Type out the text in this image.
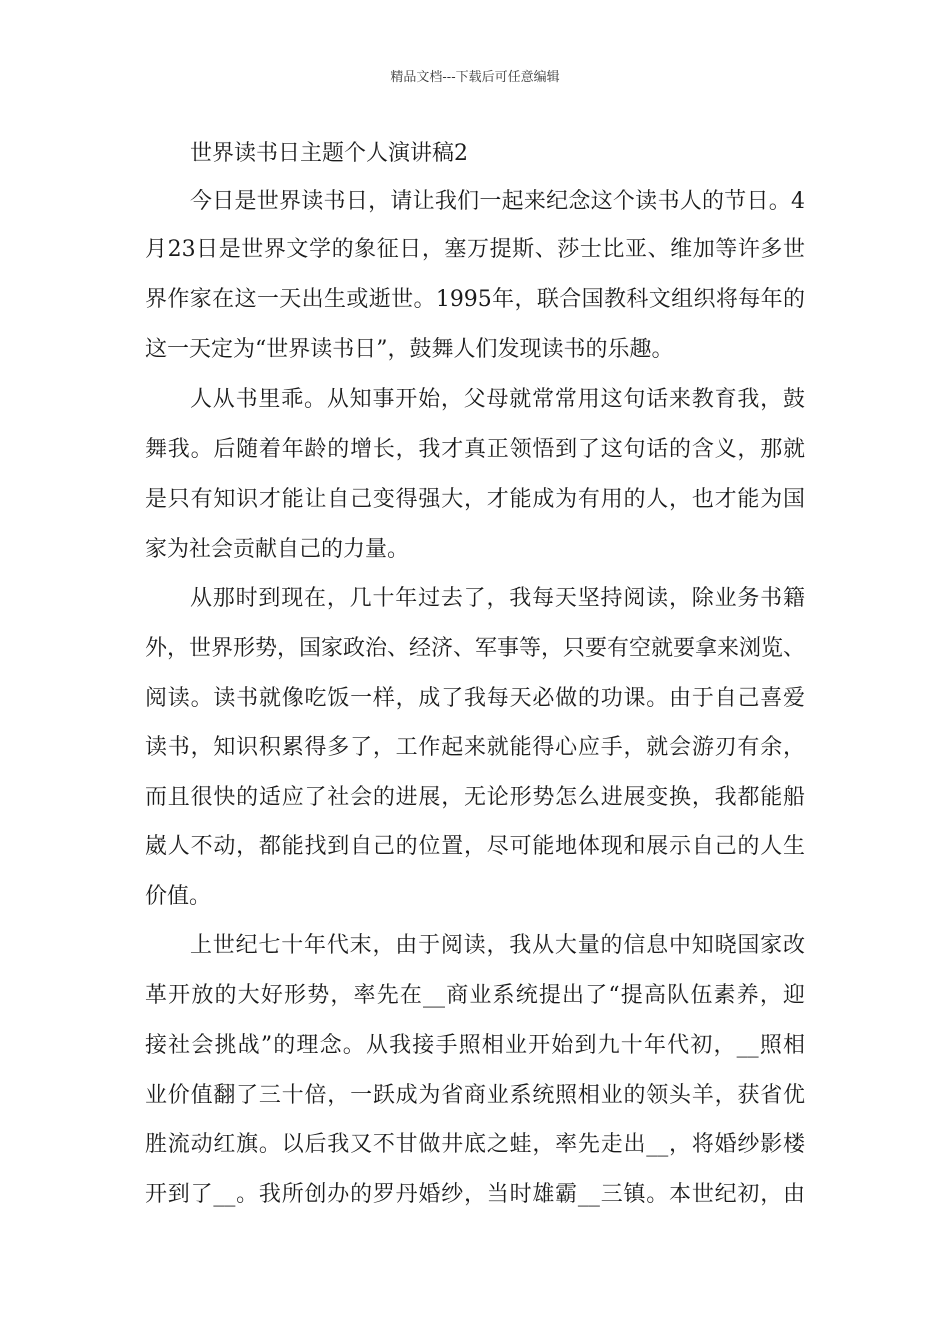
精品文档---下载后可任意编辑
世界读书日主题个人演讲稿2
今日是世界读书日，请让我们一起来纪念这个读书人的节日。4
月23日是世界文学的象征日，塞万提斯、莎士比亚、维加等许多世
界作家在这一天出生或逝世。1995年，联合国教科文组织将每年的
这一天定为“世界读书日”，鼓舞人们发现读书的乐趣。
人从书里乖。从知事开始，父母就常常用这句话来教育我，鼓
舞我。后随着年龄的增长，我才真正领悟到了这句话的含义，那就
是只有知识才能让自己变得强大，才能成为有用的人，也才能为国
家为社会贡献自己的力量。
从那时到现在，几十年过去了，我每天坚持阅读，除业务书籍
外，世界形势，国家政治、经济、军事等，只要有空就要拿来浏览、
阅读。读书就像吃饭一样，成了我每天必做的功课。由于自己喜爱
读书，知识积累得多了，工作起来就能得心应手，就会游刃有余，
而且很快的适应了社会的进展，无论形势怎么进展变换，我都能船
崴人不动，都能找到自己的位置，尽可能地体现和展示自己的人生
价值。
上世纪七十年代末，由于阅读，我从大量的信息中知晓国家改
革开放的大好形势，率先在__商业系统提出了“提高队伍素养，迎
接社会挑战”的理念。从我接手照相业开始到九十年代初，__照相
业价值翻了三十倍，一跃成为省商业系统照相业的领头羊，获省优
胜流动红旗。以后我又不甘做井底之蛙，率先走出__，将婚纱影楼
开到了__。我所创办的罗丹婚纱，当时雄霸__三镇。本世纪初，由
